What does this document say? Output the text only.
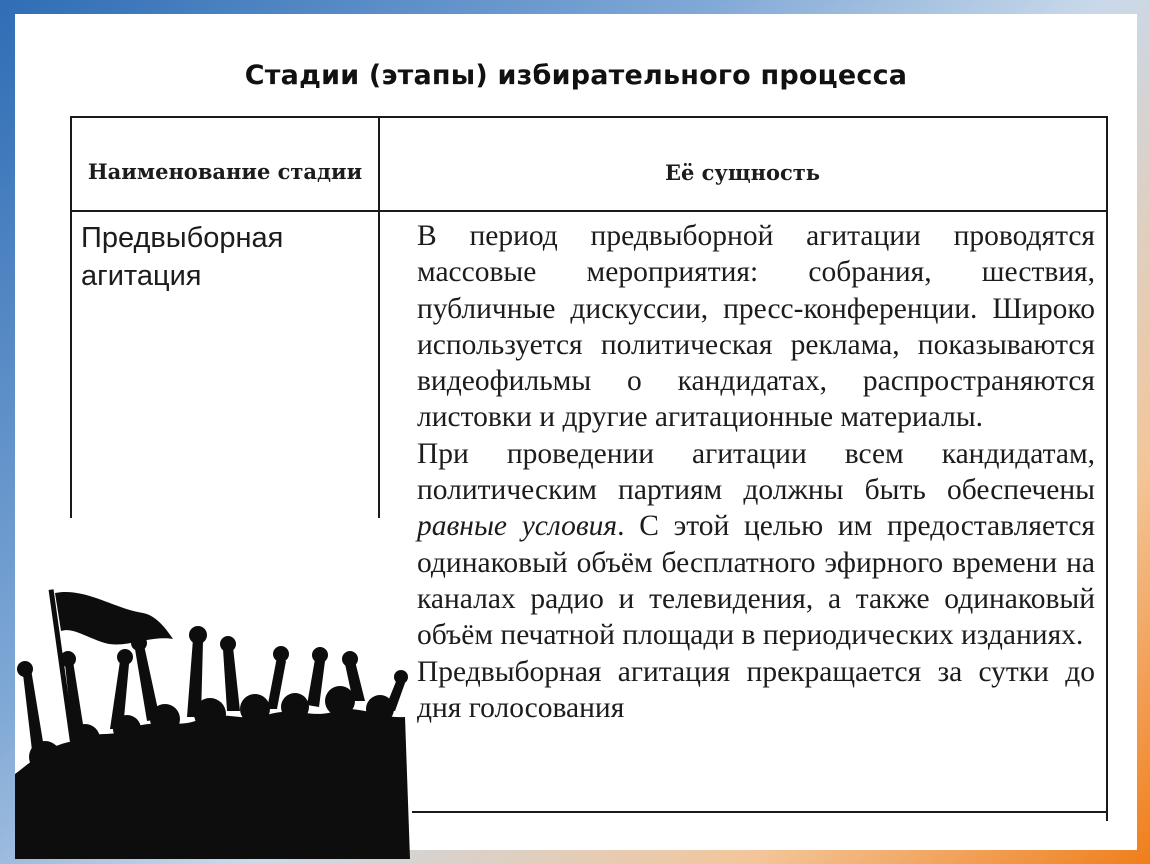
Стадии (этапы) избирательного процесса
Наименование стадии	Её сущность
Предвыборная агитация

В период предвыборной агитации проводятся массовые мероприятия: собрания, шествия, публичные дискуссии, пресс-конференции. Широко используется политическая реклама, показываются видеофильмы о кандидатах, распространяются листовки и другие агитационные материалы.

При проведении агитации всем кандидатам, политическим партиям должны быть обеспечены равные условия. С этой целью им предоставляется одинаковый объём бесплатного эфирного времени на каналах радио и телевидения, а также одинаковый объём печатной площади в периодических изданиях.

Предвыборная агитация прекращается за сутки до дня голосования
